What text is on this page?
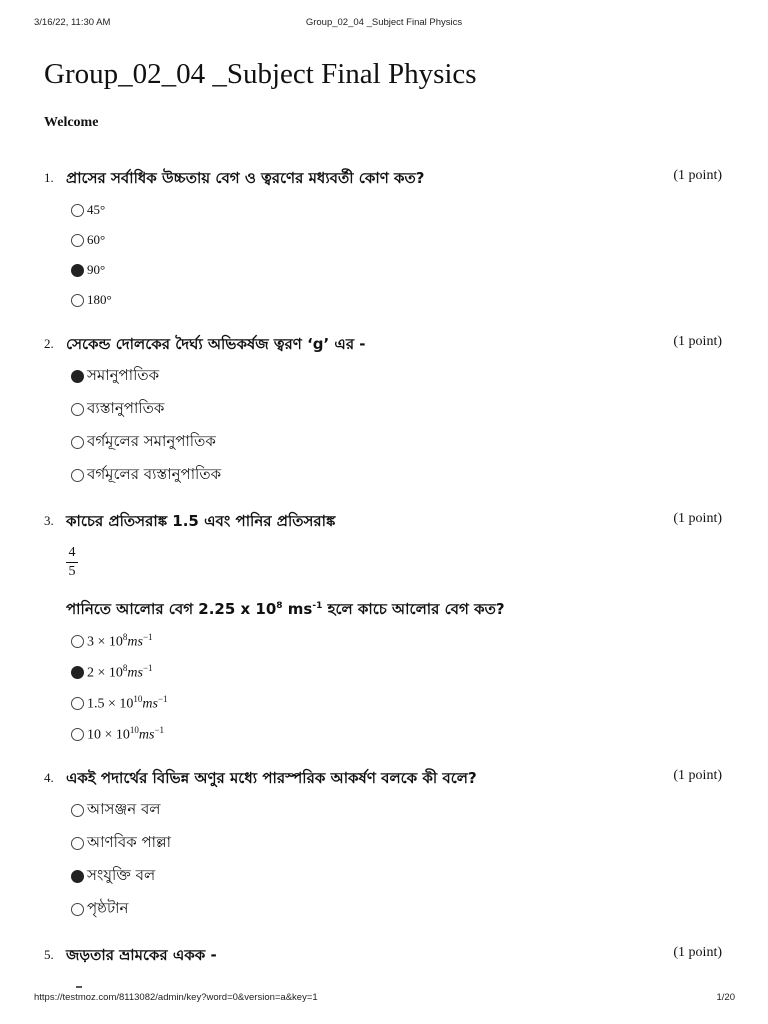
3/16/22, 11:30 AM	Group_02_04 _Subject Final Physics
Group_02_04 _Subject Final Physics
Welcome
1. প্রাসের সর্বাধিক উচ্চতায় বেগ ও ত্বরণের মধ্যবর্তী কোণ কত?	(1 point)
45°
60°
90°
180°
2. সেকেন্ড দোলকের দৈর্ঘ্য অভিকর্ষজ ত্বরণ ‘g’ এর -	(1 point)
সমানুপাতিক
ব্যস্তানুপাতিক
বর্গমূলের সমানুপাতিক
বর্গমূলের ব্যস্তানুপাতিক
3. কাচের প্রতিসরাঙ্ক 1.5 এবং পানির প্রতিসরাঙ্ক	(1 point)
4
5
পানিতে আলোর বেগ 2.25 x $10^8$ $ms^{-1}$ হলে কাচে আলোর বেগ কত?
$3 \times 10^8ms^{-1}$
$2 \times 10^8ms^{-1}$
$1.5 \times 10^{10}ms^{-1}$
$10 \times 10^{10}ms^{-1}$
4. একই পদার্থের বিভিন্ন অণুর মধ্যে পারস্পরিক আকর্ষণ বলকে কী বলে?	(1 point)
আসঞ্জন বল
আণবিক পাল্লা
সংযুক্তি বল
পৃষ্ঠটান
5. জড়তার ভ্রামকের একক -	(1 point)
https://testmoz.com/8113082/admin/key?word=0&version=a&key=1	1/20
